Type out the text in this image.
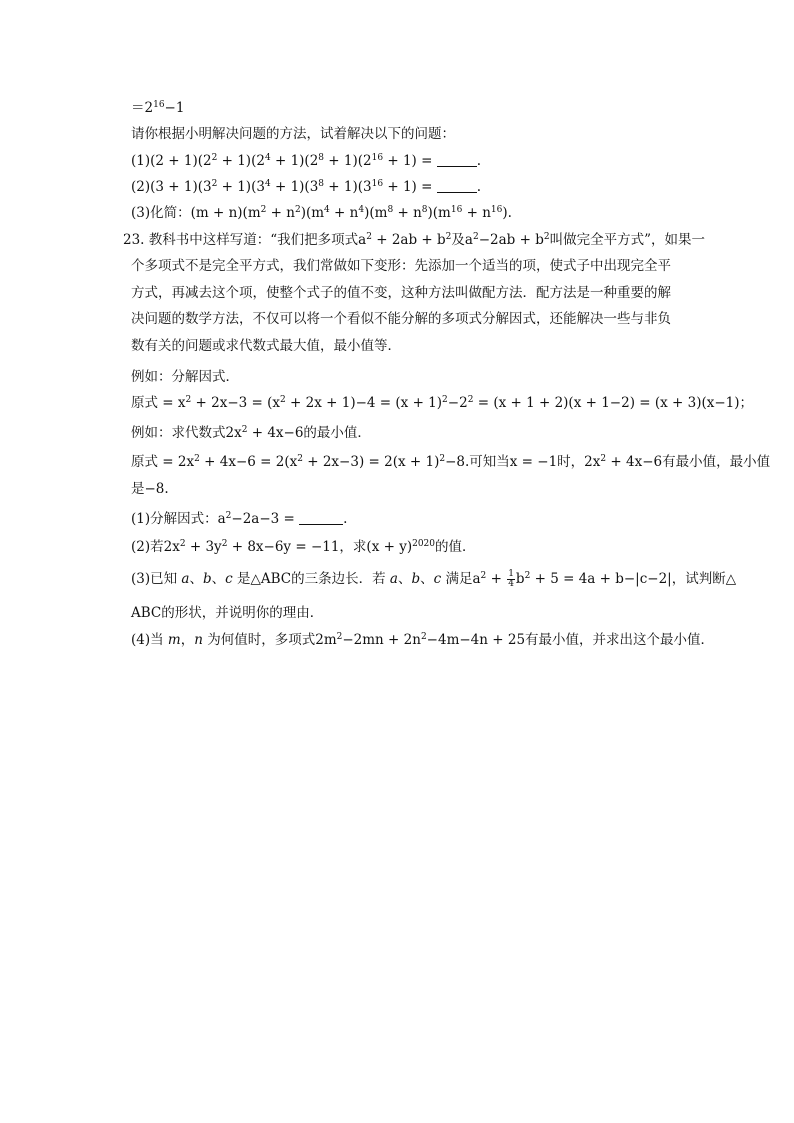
$=2^{16}-1$
请你根据小明解决问题的方法，试着解决以下的问题：
$(1)(2 + 1)(2^2 + 1)(2^4 + 1)(2^8 + 1)(2^{16} + 1)$ =	.
$(2)(3 + 1)(3^2 + 1)(3^4 + 1)(3^8 + 1)(3^{16} + 1)$ =	.
(3)化简：$(m + n)(m^2 + n^2)(m^4 + n^4)(m^8 + n^8)(m^{16} + n^{16})$.
23. 教科书中这样写道：“我们把多项式$a^2 + 2ab + b^2$及$a^2-2ab + b^2$叫做完全平方式”，如果一
个多项式不是完全平方式，我们常做如下变形：先添加一个适当的项，使式子中出现完全平
方式，再减去这个项，使整个式子的值不变，这种方法叫做配方法．配方法是一种重要的解
决问题的数学方法，不仅可以将一个看似不能分解的多项式分解因式，还能解决一些与非负
数有关的问题或求代数式最大值，最小值等．
例如：分解因式．
原式 = $x^2 + 2x-3 = (x^2 + 2x + 1)-4 = (x + 1)^2-2^2 = (x + 1 + 2)(x + 1-2) = (x + 3)(x-1)$；
例如：求代数式$2x^2 + 4x-6$的最小值．
原式 = $2x^2 + 4x-6 = 2(x^2 + 2x-3) = 2(x + 1)^2-8$.可知当x = −1时，$2x^2 + 4x-6$有最小值，最小值
是−8.
(1)分解因式：$a^2-2a-3$ =	.
(2)若$2x^2 + 3y^2 + 8x-6y = -11$，求$(x + y)^{2020}$的值．
(3)已知 a、b、c 是△ABC的三条边长．若 a、b、c 满足$a^2 + \frac{1}{4} b^2 + 5 = 4a + b-|c-2|$，试判断△
ABC的形状，并说明你的理由．
(4)当 m，n 为何值时，多项式$2m^2-2mn + 2n^2-4m-4n + 25$有最小值，并求出这个最小值．
